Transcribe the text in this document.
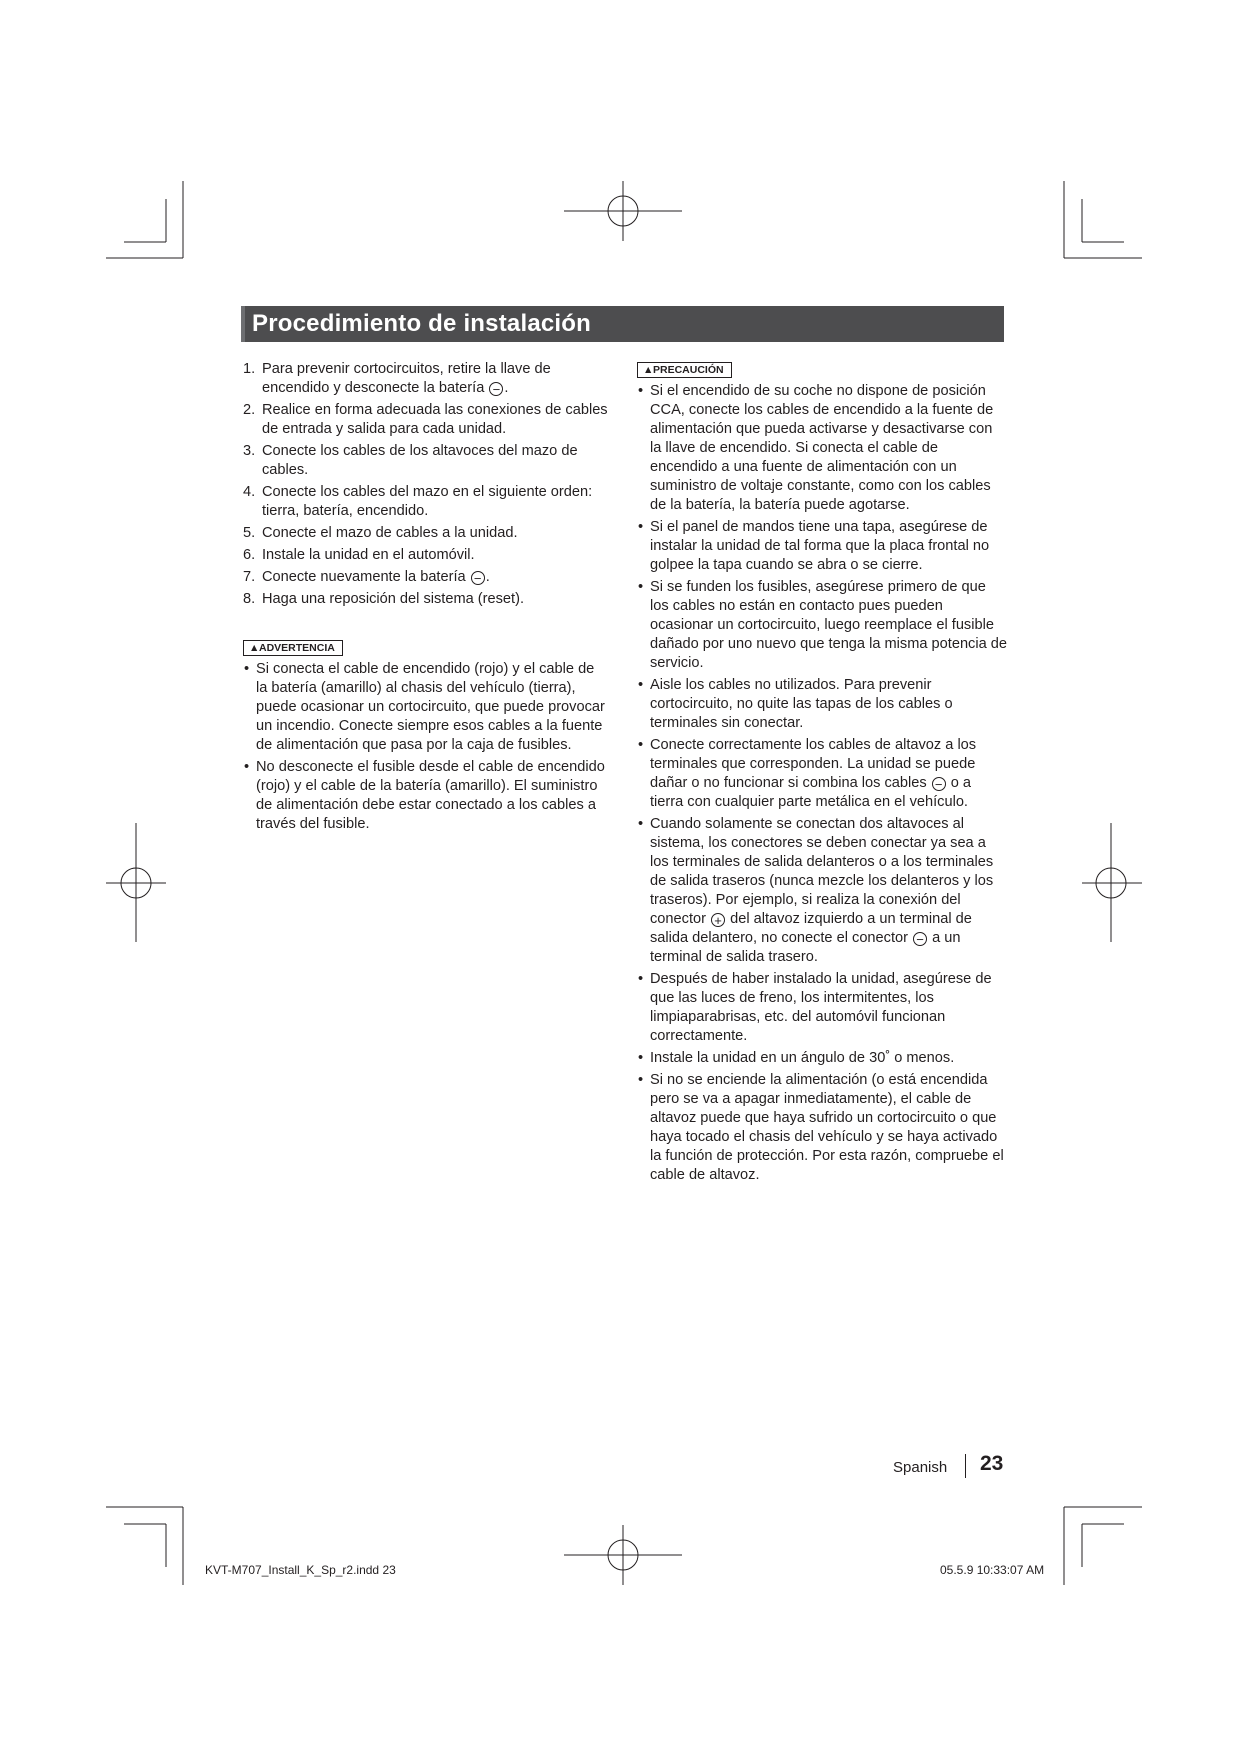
Procedimiento de instalación
1. Para prevenir cortocircuitos, retire la llave de encendido y desconecte la batería − .
2. Realice en forma adecuada las conexiones de cables de entrada y salida para cada unidad.
3. Conecte los cables de los altavoces del mazo de cables.
4. Conecte los cables del mazo en el siguiente orden: tierra, batería, encendido.
5. Conecte el mazo de cables a la unidad.
6. Instale la unidad en el automóvil.
7. Conecte nuevamente la batería − .
8. Haga una reposición del sistema (reset).
▲ADVERTENCIA
• Si conecta el cable de encendido (rojo) y el cable de la batería (amarillo) al chasis del vehículo (tierra), puede ocasionar un cortocircuito, que puede provocar un incendio. Conecte siempre esos cables a la fuente de alimentación que pasa por la caja de fusibles.
• No desconecte el fusible desde el cable de encendido (rojo) y el cable de la batería (amarillo). El suministro de alimentación debe estar conectado a los cables a través del fusible.
▲PRECAUCIÓN
• Si el encendido de su coche no dispone de posición CCA, conecte los cables de encendido a la fuente de alimentación que pueda activarse y desactivarse con la llave de encendido. Si conecta el cable de encendido a una fuente de alimentación con un suministro de voltaje constante, como con los cables de la batería, la batería puede agotarse.
• Si el panel de mandos tiene una tapa, asegúrese de instalar la unidad de tal forma que la placa frontal no golpee la tapa cuando se abra o se cierre.
• Si se funden los fusibles, asegúrese primero de que los cables no están en contacto pues pueden ocasionar un cortocircuito, luego reemplace el fusible dañado por uno nuevo que tenga la misma potencia de servicio.
• Aisle los cables no utilizados. Para prevenir cortocircuito, no quite las tapas de los cables o terminales sin conectar.
• Conecte correctamente los cables de altavoz a los terminales que corresponden. La unidad se puede dañar o no funcionar si combina los cables − o a tierra con cualquier parte metálica en el vehículo.
• Cuando solamente se conectan dos altavoces al sistema, los conectores se deben conectar ya sea a los terminales de salida delanteros o a los terminales de salida traseros (nunca mezcle los delanteros y los traseros). Por ejemplo, si realiza la conexión del conector + del altavoz izquierdo a un terminal de salida delantero, no conecte el conector − a un terminal de salida trasero.
• Después de haber instalado la unidad, asegúrese de que las luces de freno, los intermitentes, los limpiaparabrisas, etc. del automóvil funcionan correctamente.
• Instale la unidad en un ángulo de 30˚ o menos.
• Si no se enciende la alimentación (o está encendida pero se va a apagar inmediatamente), el cable de altavoz puede que haya sufrido un cortocircuito o que haya tocado el chasis del vehículo y se haya activado la función de protección. Por esta razón, compruebe el cable de altavoz.
Spanish 23
KVT-M707_Install_K_Sp_r2.indd 23	05.5.9 10:33:07 AM
